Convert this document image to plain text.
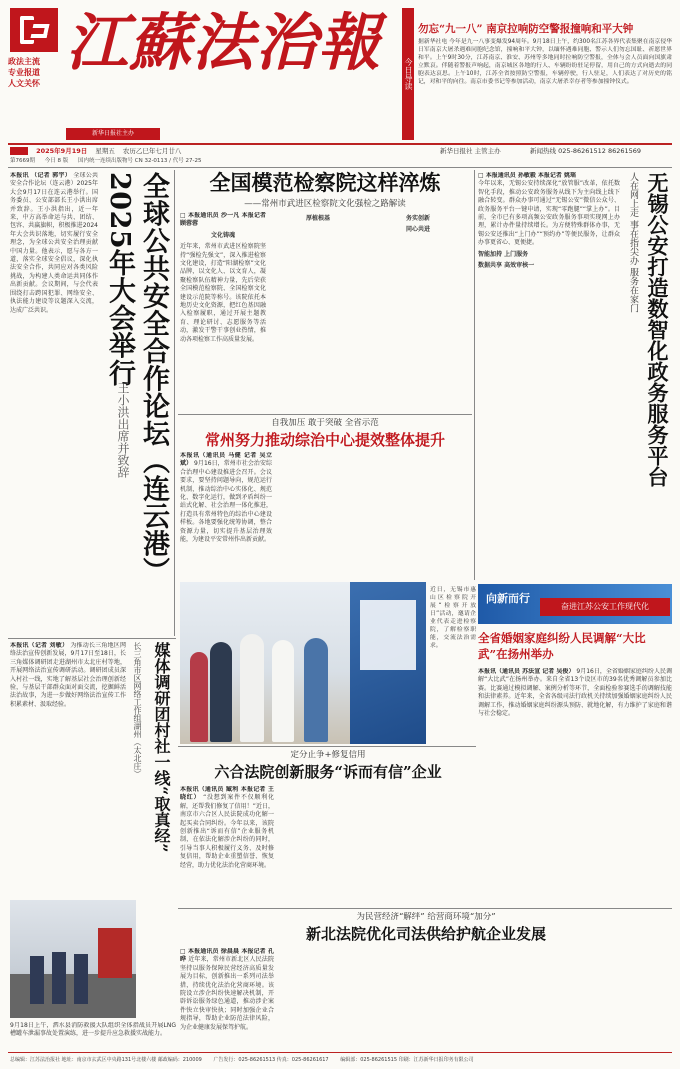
政法主流
专业报道
人文关怀
江蘇法治報
新华日报社主办
2025年9月19日 星期五 农历乙巳年七月廿八	新华日报社 主管主办	新闻热线 025-86261512 86261569
第7669期 今日 8 版 国内统一连续出版物号 CN 32-0113 / 代号 27-25
今日导读
勿忘“九一八” 南京拉响防空警报撞响和平大钟
据新华社电 今年是九一八事变爆发94周年。9月18日上午，约300名江苏各界代表集聚在南京侵华日军南京大屠杀遇难同胞纪念馆，撞响和平大钟，以缅怀遇难同胞、警示人们勿忘国耻、祈愿世界和平。上午9时30分，江苏南京、淮安、苏州等多地同时拉响防空警报，全体与会人员面向国旗肃立默哀。伴随着警报声响起，南京城区各地的行人、车辆纷纷驻足停留，用自己的方式向逝去的同胞表达哀思。上午10时，江苏全省按照防空警报，车辆停驶，行人驻足，人们表达了对历史的铭记，对和平的向往。南京市委书记等参加活动，南京大屠杀幸存者等参加撞钟仪式。
全球公共安全合作论坛（连云港）2025年大会举行
王小洪出席并致辞
本报讯 （记者 郭宇） 全球公共安全合作论坛（连云港）2025年大会9月17日在连云港举行。国务委员、公安部部长王小洪出席并致辞。王小洪指出，近一年来，中方高举命运与共、团结、包容、共赢旗帜，积极推进2024年大会共识落地，切实履行安全理念，为全球公共安全治理贡献中国力量。他表示，愿与各方一道，落实全球安全倡议，深化执法安全合作，共同应对各类风险挑战，为构建人类命运共同体作出新贡献。会议期间，与会代表围绕打击跨国犯罪、网络安全、执法能力建设等议题深入交流，达成广泛共识。
全国模范检察院这样淬炼
——常州市武进区检察院文化强检之路解读
□ 本报通讯员 沙一凡 本报记者 顾蓉蓉
文化铸魂
近年来，常州市武进区检察院坚持“强检先强文”，深入推进检察文化建设，打造“阳湖检察”文化品牌，以文化人、以文育人，凝聚检察队伍精神力量，先后荣获全国模范检察院、全国检察文化建设示范院等称号。该院依托本地历史文化资源，把红色基因融入检察履职，通过开展主题教育、理论研讨、志愿服务等活动，激发干警干事创业热情，推动各项检察工作高质量发展。
厚植根基	务实创新
同心共进	无锡公安打造数智化政务服务平台
人在网上走 事在指尖办 服务在家门
□ 本报通讯员 孙敏毅 本报记者 姚瑶
今年以来，无锡公安持续深化“放管服”改革，依托数智化手段，推动公安政务服务从线下为主向线上线下融合转变。群众办事可通过“无锡公安”微信公众号、政务服务平台一键申请，实现“零跑腿”“掌上办”。目前，全市已有多项高频公安政务服务事项实现网上办理，累计办件量持续增长。为方便特殊群体办事，无锡公安还推出“上门办”“预约办”等便民服务，让群众办事更省心、更便捷。
智能加持 上门服务
数据共享 高效审核一
自我加压 敢于突破 全省示范
常州努力推动综治中心提效整体提升
本报讯（通讯员 马健 记者 吴立斌） 9月16日，常州市社会治安综合治理中心建设推进会召开。会议要求，要坚持问题导向，规范运行机制，推动综治中心实体化、规范化、数字化运行，做到矛盾纠纷一站式化解、社会治理一体化推进，打造具有常州特色的综治中心建设样板。各地要强化统筹协调，整合资源力量，切实提升基层治理效能，为建设平安常州作出新贡献。
近日，无锡市惠山区检察院开展“检察开放日”活动，邀请企业代表走进检察院，了解检察职能，交流法治需求。
向新而行
奋进江苏公安工作现代化
全省婚姻家庭纠纷人民调解“大比武”在扬州举办
本报讯（通讯员 苏法宣 记者 吴俊） 9月16日，全省婚姻家庭纠纷人民调解“大比武”在扬州举办。来自全省13个设区市的39名优秀调解员参加比赛。比赛通过模拟调解、案例分析等环节，全面检验参赛选手的调解技能和法律素养。近年来，全省各级司法行政机关持续加强婚姻家庭纠纷人民调解工作，推动婚姻家庭纠纷源头预防、就地化解，有力维护了家庭和谐与社会稳定。
媒体调研团村社一线“取真经”
长三角市区网络工作组湖州（太北庄）
本报讯（记者 刘敏） 为推动长三角地区网络法治宣传创新发展，9月17日至18日，长三角媒体调研团走进湖州市太北庄村等地，开展网络法治宣传调研活动。调研团成员深入村社一线，实地了解基层社会治理创新经验，与基层干部群众面对面交流，挖掘鲜活法治故事，为进一步做好网络法治宣传工作积累素材、汲取经验。
9月18日上午，泗水县消防救援大队组织全体指战员开展LNG槽罐车泄漏事故处置演练，进一步提升应急救援实战能力。
定分止争+修复信用
六合法院创新服务“诉而有信”企业
本报讯（通讯员 臧利 本报记者 王晓红） “没想到案件不仅顺利化解，还帮我们修复了信用！”近日，南京市六合区人民法院成功化解一起买卖合同纠纷。今年以来，该院创新推出“诉而有信”企业服务机制，在依法化解涉企纠纷的同时，引导当事人积极履行义务、及时修复信用，帮助企业重塑信誉、恢复经营，助力优化法治化营商环境。
为民营经济“解绊” 给营商环境“加分”
新北法院优化司法供给护航企业发展
□ 本报通讯员 徐晨晨 本报记者 孔晔 近年来，常州市新北区人民法院坚持以服务保障民营经济高质量发展为目标，创新推出一系列司法举措，持续优化法治化营商环境。该院设立涉企纠纷快速解决机制，开辟诉讼服务绿色通道，推动涉企案件快立快审快执；同时加强企业合规指导，帮助企业防范法律风险，为企业健康发展保驾护航。
总编辑：江苏法治报社 地址：南京市玄武区中央路131号北楼六楼 邮政编码：210009 广告发行：025-86261513 传真：025-86261617 编辑部：025-86261515 印刷：江苏新华日报印务有限公司
